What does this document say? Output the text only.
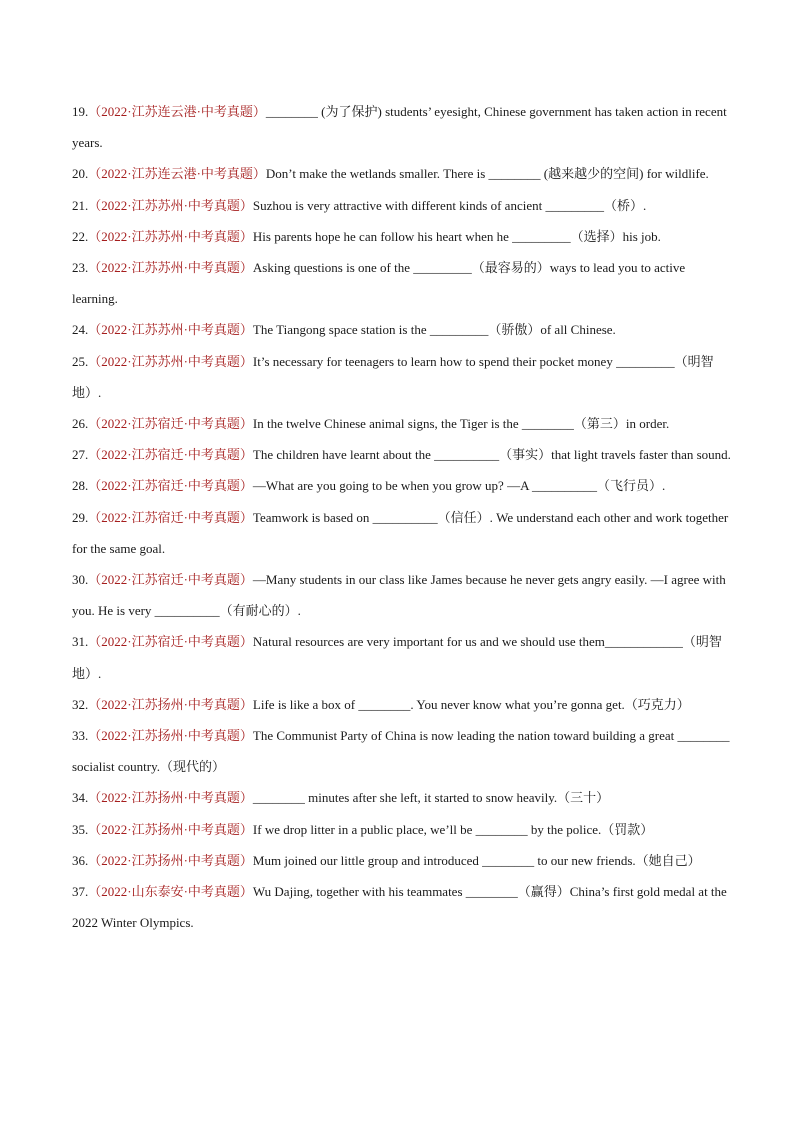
19.（2022·江苏连云港·中考真题）________ (为了保护) students’ eyesight, Chinese government has taken action in recent years.

20.（2022·江苏连云港·中考真题）Don’t make the wetlands smaller. There is ________ (越来越少的空间) for wildlife.

21.（2022·江苏苏州·中考真题）Suzhou is very attractive with different kinds of ancient _________（桥）.

22.（2022·江苏苏州·中考真题）His parents hope he can follow his heart when he _________（选择）his job.

23.（2022·江苏苏州·中考真题）Asking questions is one of the _________（最容易的）ways to lead you to active learning.

24.（2022·江苏苏州·中考真题）The Tiangong space station is the _________（骄傲）of all Chinese.

25.（2022·江苏苏州·中考真题）It’s necessary for teenagers to learn how to spend their pocket money _________（明智地）.

26.（2022·江苏宿迁·中考真题）In the twelve Chinese animal signs, the Tiger is the ________（第三）in order.

27.（2022·江苏宿迁·中考真题）The children have learnt about the __________（事实）that light travels faster than sound.

28.（2022·江苏宿迁·中考真题）—What are you going to be when you grow up? —A __________（飞行员）.

29.（2022·江苏宿迁·中考真题）Teamwork is based on __________（信任）. We understand each other and work together for the same goal.

30.（2022·江苏宿迁·中考真题）—Many students in our class like James because he never gets angry easily. —I agree with you. He is very __________（有耐心的）.

31.（2022·江苏宿迁·中考真题）Natural resources are very important for us and we should use them____________（明智地）.

32.（2022·江苏扬州·中考真题）Life is like a box of ________. You never know what you’re gonna get.（巧克力）

33.（2022·江苏扬州·中考真题）The Communist Party of China is now leading the nation toward building a great ________ socialist country.（现代的）

34.（2022·江苏扬州·中考真题）________ minutes after she left, it started to snow heavily.（三十）

35.（2022·江苏扬州·中考真题）If we drop litter in a public place, we’ll be ________ by the police.（罚款）

36.（2022·江苏扬州·中考真题）Mum joined our little group and introduced ________ to our new friends.（她自己）

37.（2022·山东泰安·中考真题）Wu Dajing, together with his teammates ________（赢得）China’s first gold medal at the 2022 Winter Olympics.
